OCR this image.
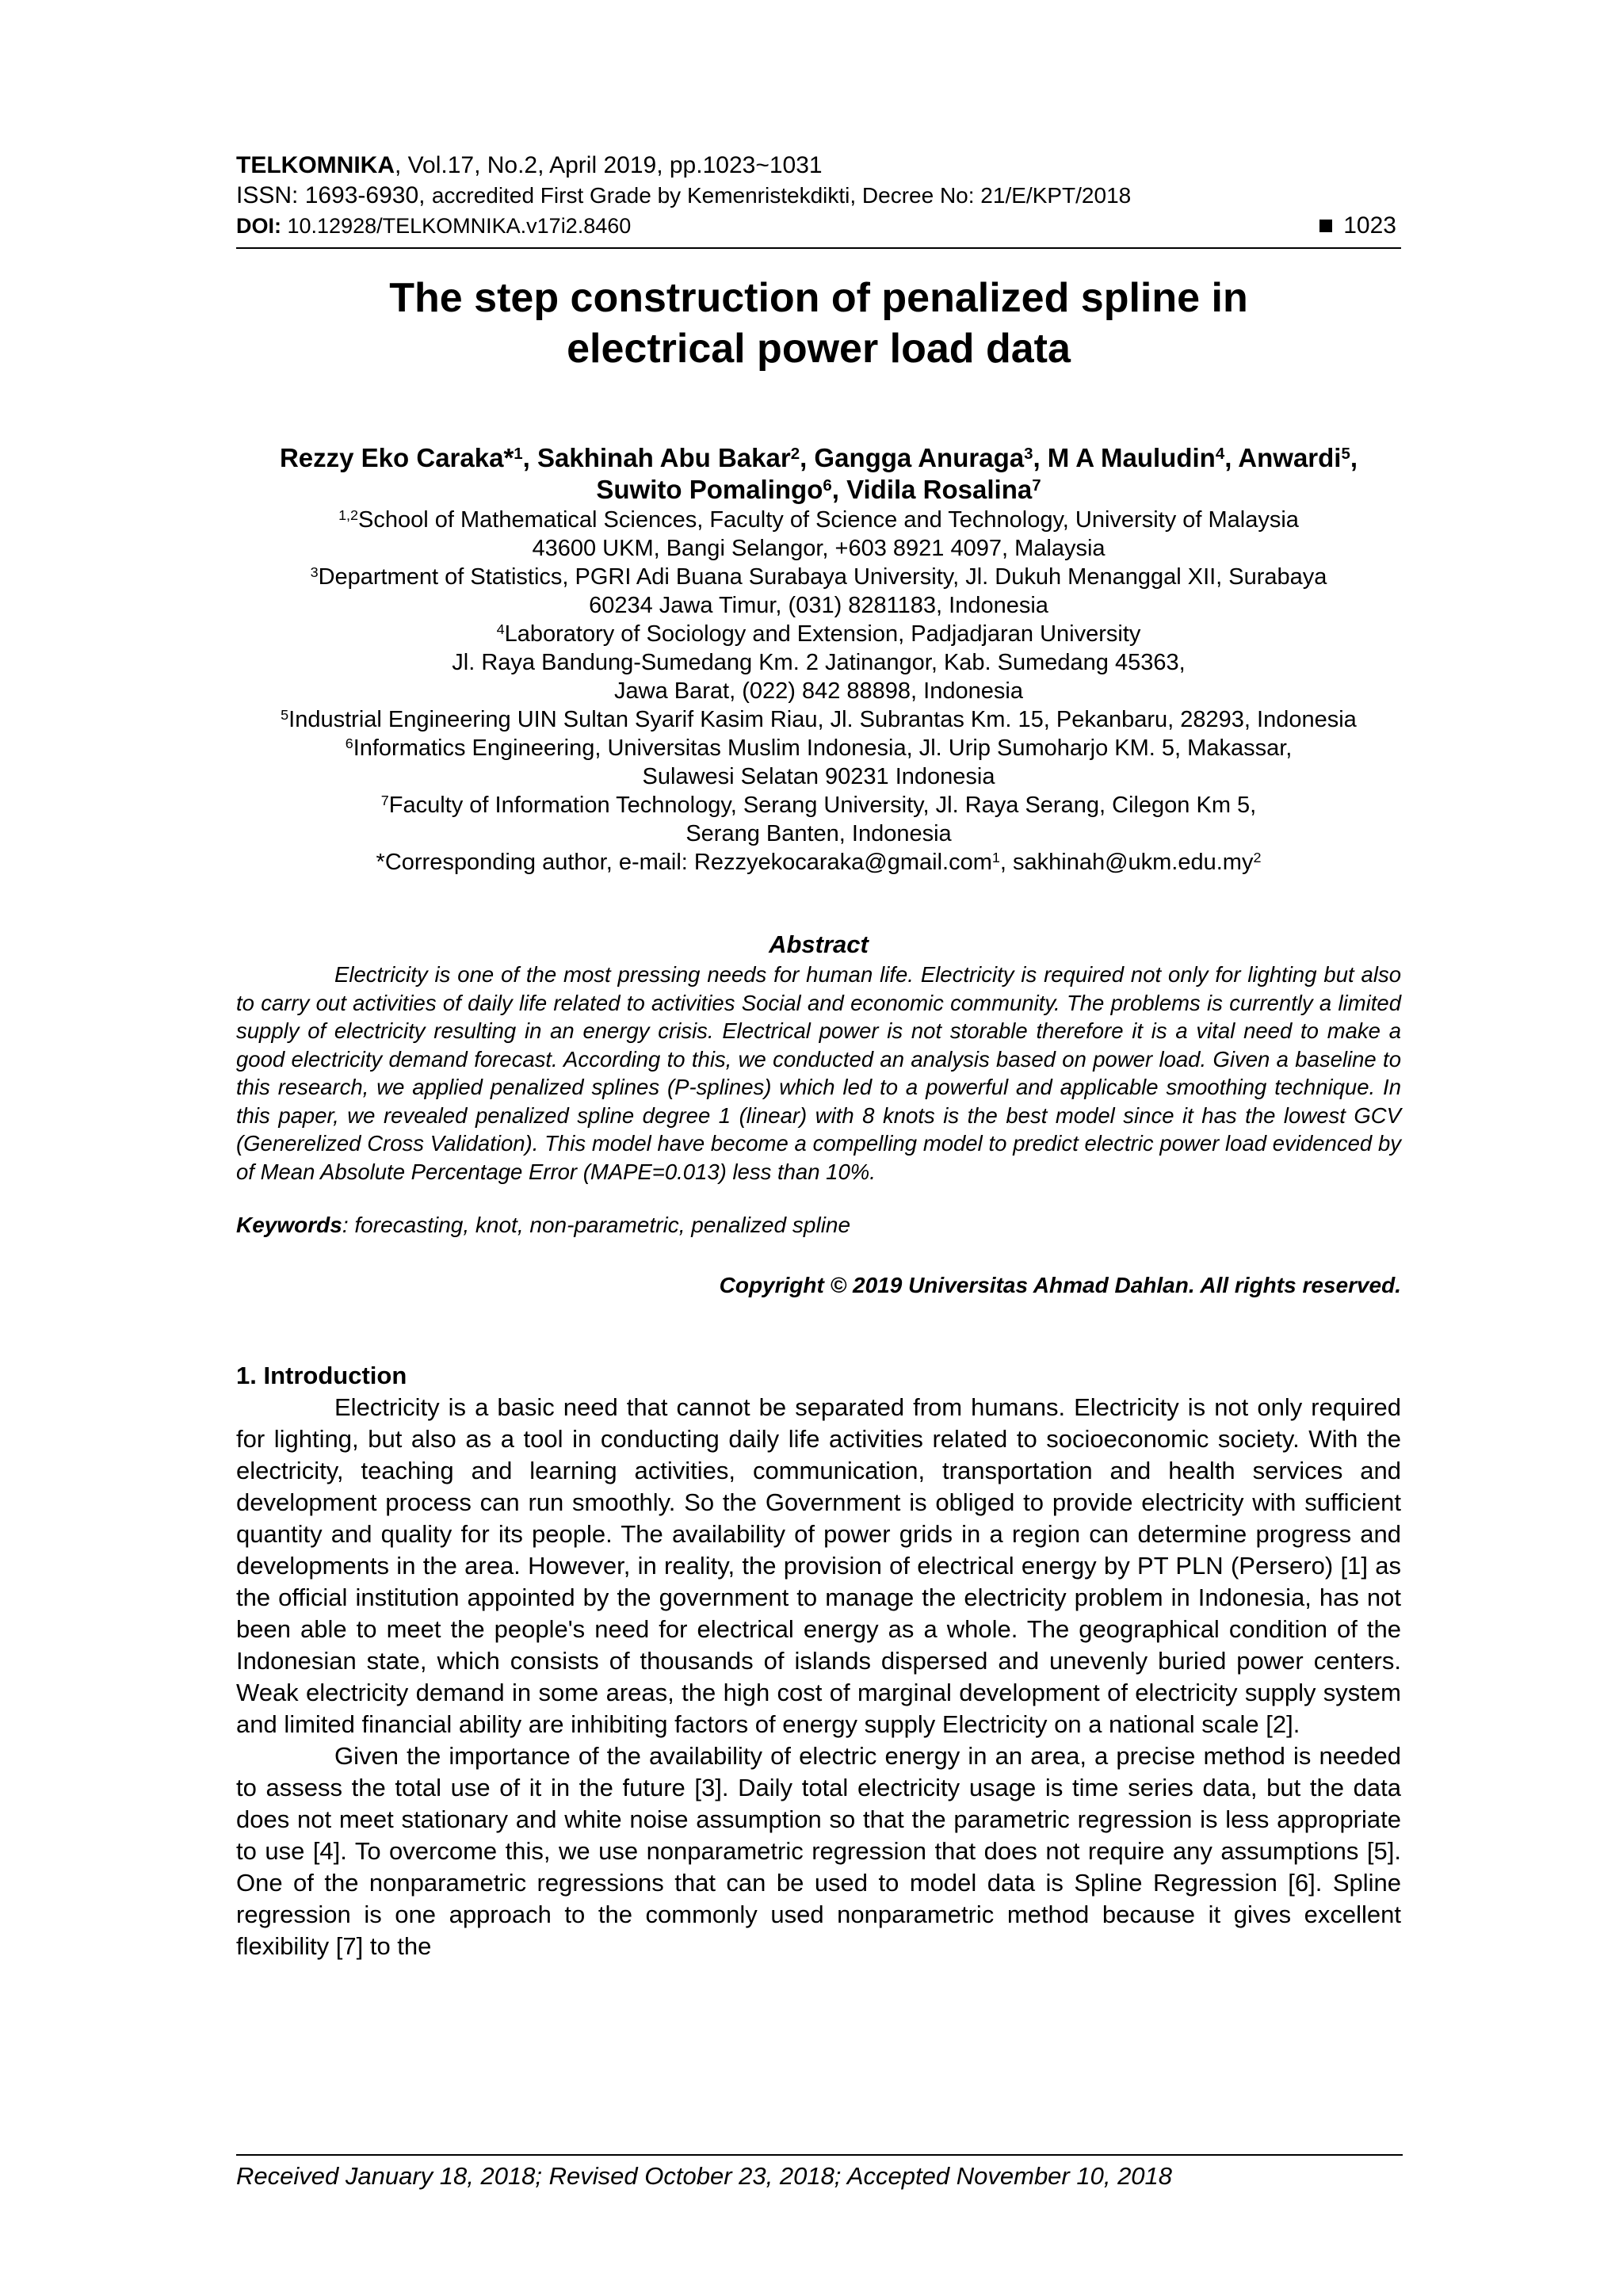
TELKOMNIKA, Vol.17, No.2, April 2019, pp.1023~1031

ISSN: 1693-6930, accredited First Grade by Kemenristekdikti, Decree No: 21/E/KPT/2018

DOI: 10.12928/TELKOMNIKA.v17i2.8460	1023
The step construction of penalized spline in
electrical power load data
Rezzy Eko Caraka*$^1$, Sakhinah Abu Bakar$^2$, Gangga Anuraga$^3$, M A Mauludin$^4$, Anwardi$^5$,
Suwito Pomalingo$^6$, Vidila Rosalina$^7$
$^{1,2}$School of Mathematical Sciences, Faculty of Science and Technology, University of Malaysia
43600 UKM, Bangi Selangor, +603 8921 4097, Malaysia
$^3$Department of Statistics, PGRI Adi Buana Surabaya University, Jl. Dukuh Menanggal XII, Surabaya
60234 Jawa Timur, (031) 8281183, Indonesia
$^4$Laboratory of Sociology and Extension, Padjadjaran University
Jl. Raya Bandung-Sumedang Km. 2 Jatinangor, Kab. Sumedang 45363,
Jawa Barat, (022) 842 88898, Indonesia
$^5$Industrial Engineering UIN Sultan Syarif Kasim Riau, Jl. Subrantas Km. 15, Pekanbaru, 28293, Indonesia
$^6$Informatics Engineering, Universitas Muslim Indonesia, Jl. Urip Sumoharjo KM. 5, Makassar,
Sulawesi Selatan 90231 Indonesia
$^7$Faculty of Information Technology, Serang University, Jl. Raya Serang, Cilegon Km 5,
Serang Banten, Indonesia
*Corresponding author, e-mail: Rezzyekocaraka@gmail.com$^1$, $sakhinah@ukm.edu.my^2$
Abstract

Electricity is one of the most pressing needs for human life. Electricity is required not only for lighting but also to carry out activities of daily life related to activities Social and economic community. The problems is currently a limited supply of electricity resulting in an energy crisis. Electrical power is not storable therefore it is a vital need to make a good electricity demand forecast. According to this, we conducted an analysis based on power load. Given a baseline to this research, we applied penalized splines (P-splines) which led to a powerful and applicable smoothing technique. In this paper, we revealed penalized spline degree 1 (linear) with 8 knots is the best model since it has the lowest GCV (Generelized Cross Validation). This model have become a compelling model to predict electric power load evidenced by of Mean Absolute Percentage Error (MAPE=0.013) less than 10%.

Keywords: forecasting, knot, non-parametric, penalized spline

Copyright © 2019 Universitas Ahmad Dahlan. All rights reserved.

1. Introduction

Electricity is a basic need that cannot be separated from humans. Electricity is not only required for lighting, but also as a tool in conducting daily life activities related to socioeconomic society. With the electricity, teaching and learning activities, communication, transportation and health services and development process can run smoothly. So the Government is obliged to provide electricity with sufficient quantity and quality for its people. The availability of power grids in a region can determine progress and developments in the area. However, in reality, the provision of electrical energy by PT PLN (Persero) [1] as the official institution appointed by the government to manage the electricity problem in Indonesia, has not been able to meet the people's need for electrical energy as a whole. The geographical condition of the Indonesian state, which consists of thousands of islands dispersed and unevenly buried power centers. Weak electricity demand in some areas, the high cost of marginal development of electricity supply system and limited financial ability are inhibiting factors of energy supply Electricity on a national scale [2].

Given the importance of the availability of electric energy in an area, a precise method is needed to assess the total use of it in the future [3]. Daily total electricity usage is time series data, but the data does not meet stationary and white noise assumption so that the parametric regression is less appropriate to use [4]. To overcome this, we use nonparametric regression that does not require any assumptions [5]. One of the nonparametric regressions that can be used to model data is Spline Regression [6]. Spline regression is one approach to the commonly used nonparametric method because it gives excellent flexibility [7] to the

Received January 18, 2018; Revised October 23, 2018; Accepted November 10, 2018
